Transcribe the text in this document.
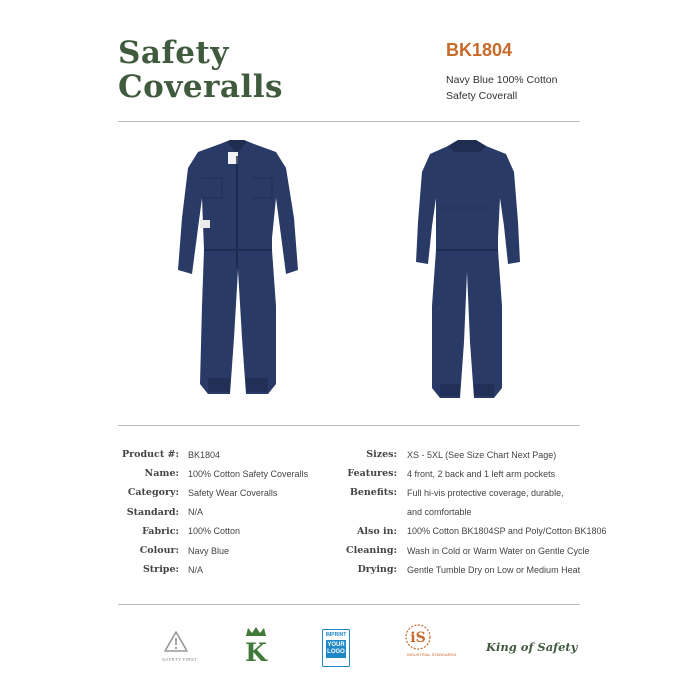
Safety
Coveralls
BK1804
Navy Blue 100% Cotton
Safety Coverall
Product #: BK1804
Name: 100% Cotton Safety Coveralls
Category: Safety Wear Coveralls
Standard: N/A
Fabric: 100% Cotton
Colour: Navy Blue
Stripe: N/A
Sizes: XS - 5XL (See Size Chart Next Page)
Features: 4 front, 2 back and 1 left arm pockets
Benefits: Full hi-vis protective coverage, durable,
and comfortable
Also in: 100% Cotton BK1804SP and Poly/Cotton BK1806
Cleaning: Wash in Cold or Warm Water on Gentle Cycle
Drying: Gentle Tumble Dry on Low or Medium Heat
SAFETY FIRST K
IMPRINT
YOUR LOGO
iS
INDUSTRIAL STANDARDS
King of Safety
